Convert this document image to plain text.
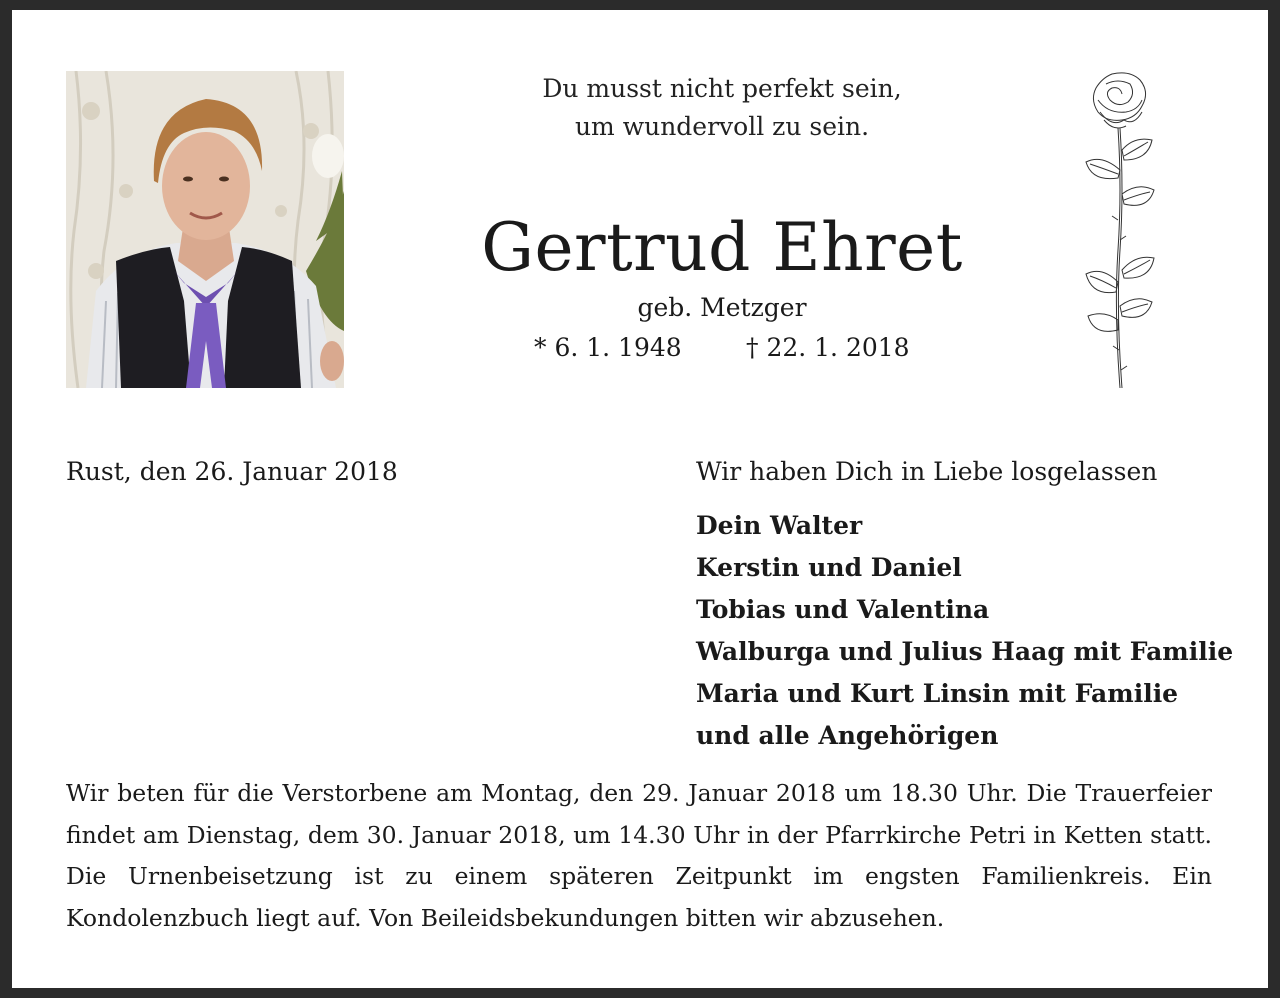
Du musst nicht perfekt sein,
um wundervoll zu sein.
Gertrud Ehret
geb. Metzger
* 6. 1. 1948	† 22. 1. 2018
Rust, den 26. Januar 2018	Wir haben Dich in Liebe losgelassen
Dein Walter
Kerstin und Daniel
Tobias und Valentina
Walburga und Julius Haag mit Familie
Maria und Kurt Linsin mit Familie
und alle Angehörigen

Wir beten für die Verstorbene am Montag, den 29. Januar 2018 um 18.30 Uhr. Die Trauerfeier findet am Dienstag, dem 30. Januar 2018, um 14.30 Uhr in der Pfarrkirche Petri in Ketten statt. Die Urnenbeisetzung ist zu einem späteren Zeitpunkt im engsten Familienkreis. Ein Kondolenzbuch liegt auf. Von Beileidsbekundungen bitten wir abzusehen.
